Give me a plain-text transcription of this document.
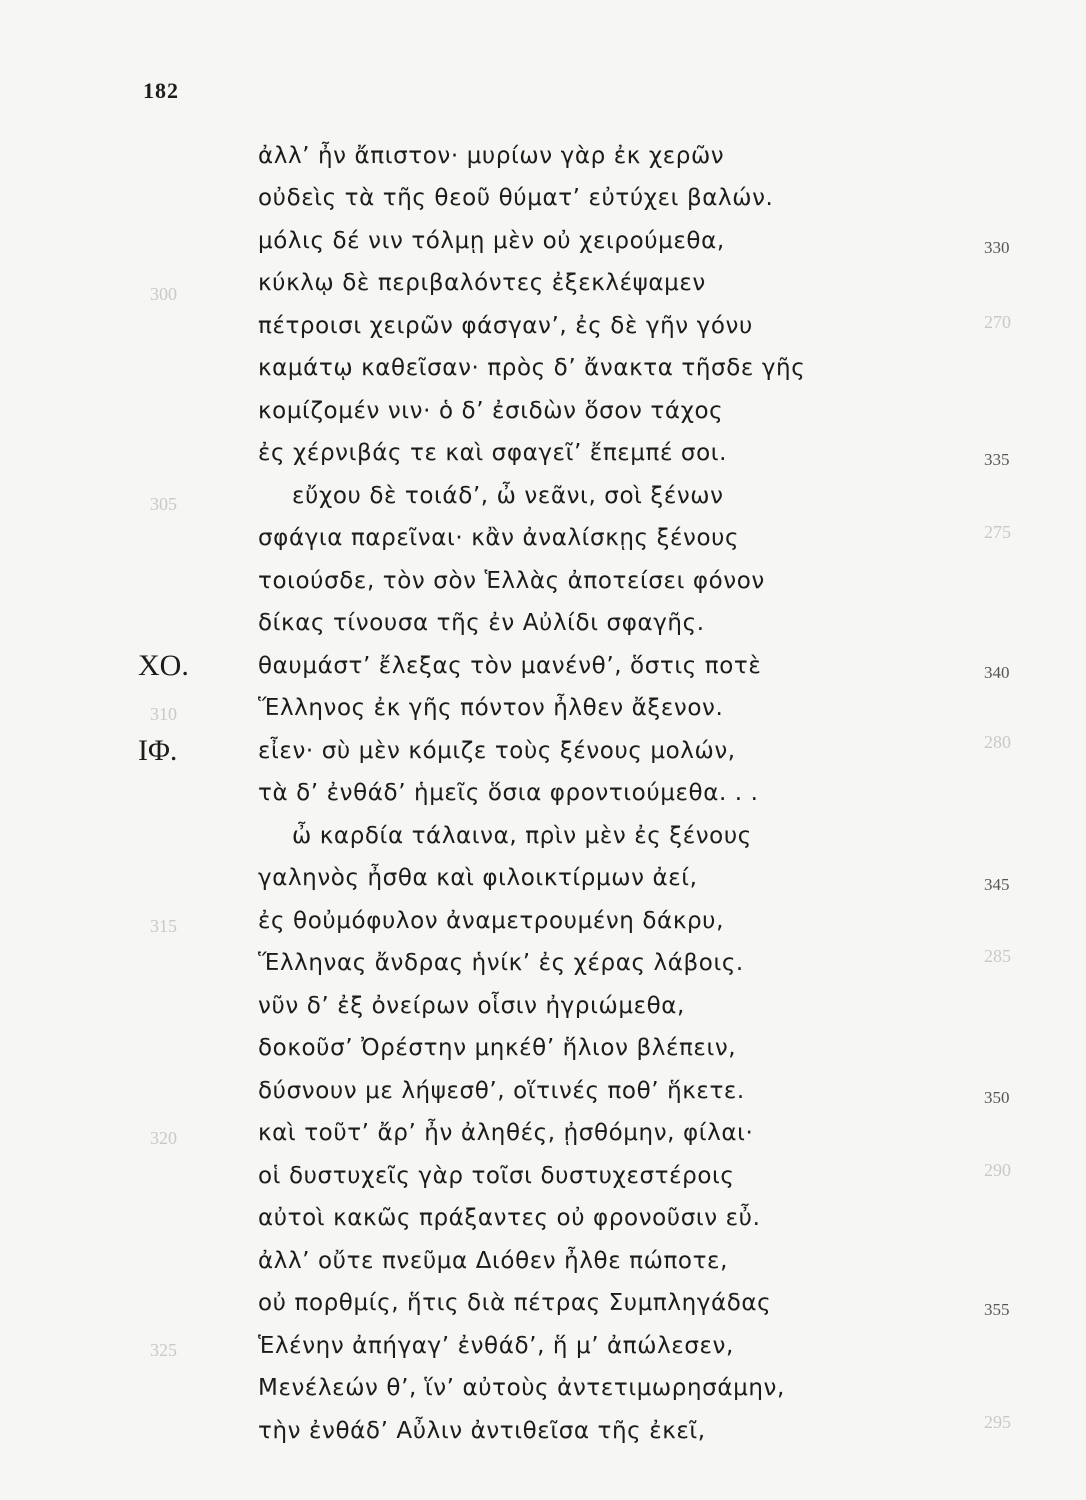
182
300
305
310
315
320
325
270
275
280
285
290
295
ἀλλ’ ἦν ἄπιστον· μυρίων γὰρ ἐκ χερῶν
οὐδεὶς τὰ τῆς θεοῦ θύματ’ εὐτύχει βαλών.
μόλις δέ νιν τόλμῃ μὲν οὐ χειρούμεθα,
κύκλῳ δὲ περιβαλόντες ἐξεκλέψαμεν
πέτροισι χειρῶν φάσγαν’, ἐς δὲ γῆν γόνυ
καμάτῳ καθεῖσαν· πρὸς δ’ ἄνακτα τῆσδε γῆς
κομίζομέν νιν· ὁ δ’ ἐσιδὼν ὅσον τάχος
ἐς χέρνιβάς τε καὶ σφαγεῖ’ ἔπεμπέ σοι.
εὔχου δὲ τοιάδ’, ὦ νεᾶνι, σοὶ ξένων
σφάγια παρεῖναι· κἂν ἀναλίσκῃς ξένους
τοιούσδε, τὸν σὸν Ἑλλὰς ἀποτείσει φόνον
δίκας τίνουσα τῆς ἐν Αὐλίδι σφαγῆς.
ΧΟ.	θαυμάστ’ ἔλεξας τὸν μανένθ’, ὅστις ποτὲ
Ἕλληνος ἐκ γῆς πόντον ἦλθεν ἄξενον.
ΙΦ.	εἶεν· σὺ μὲν κόμιζε τοὺς ξένους μολών,
τὰ δ’ ἐνθάδ’ ἡμεῖς ὅσια φροντιούμεθα. . .
ὦ καρδία τάλαινα, πρὶν μὲν ἐς ξένους
γαληνὸς ἦσθα καὶ φιλοικτίρμων ἀεί,
ἐς θοὐμόφυλον ἀναμετρουμένη δάκρυ,
Ἕλληνας ἄνδρας ἡνίκ’ ἐς χέρας λάβοις.
νῦν δ’ ἐξ ὀνείρων οἷσιν ἠγριώμεθα,
δοκοῦσ’ Ὀρέστην μηκέθ’ ἥλιον βλέπειν,
δύσνουν με λήψεσθ’, οἵτινές ποθ’ ἥκετε.
καὶ τοῦτ’ ἄρ’ ἦν ἀληθές, ᾐσθόμην, φίλαι·
οἱ δυστυχεῖς γὰρ τοῖσι δυστυχεστέροις
αὐτοὶ κακῶς πράξαντες οὐ φρονοῦσιν εὖ.
ἀλλ’ οὔτε πνεῦμα Διόθεν ἦλθε πώποτε,
οὐ πορθμίς, ἥτις διὰ πέτρας Συμπληγάδας
Ἑλένην ἀπήγαγ’ ἐνθάδ’, ἥ μ’ ἀπώλεσεν,
Μενέλεών θ’, ἵν’ αὐτοὺς ἀντετιμωρησάμην,
τὴν ἐνθάδ’ Αὖλιν ἀντιθεῖσα τῆς ἐκεῖ,
330
335
340
345
350
355
